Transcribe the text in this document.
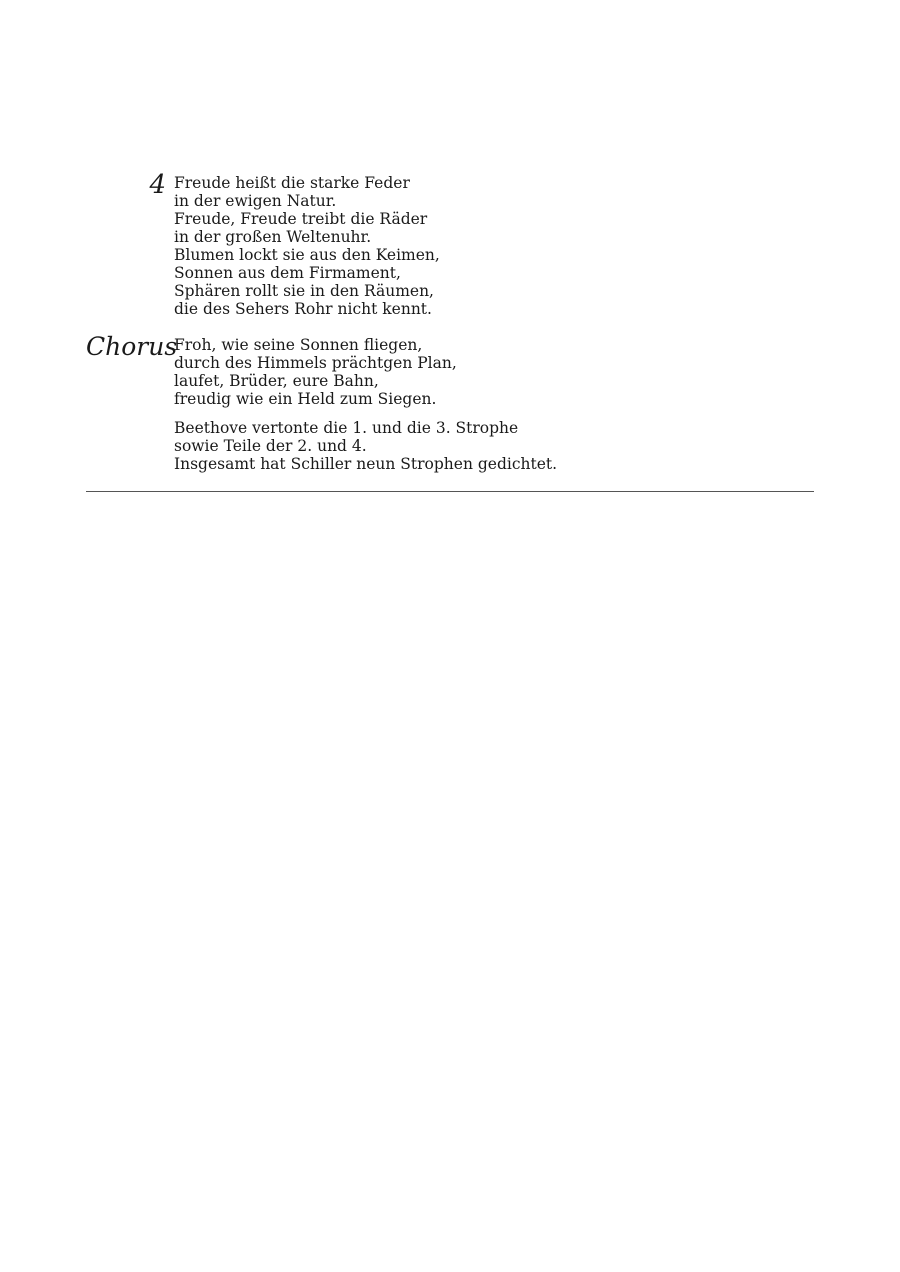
4 Freude heißt die starke Feder
in der ewigen Natur.
Freude, Freude treibt die Räder
in der großen Weltenuhr.
Blumen lockt sie aus den Keimen,
Sonnen aus dem Firmament,
Sphären rollt sie in den Räumen,
die des Sehers Rohr nicht kennt.
Chorus
Froh, wie seine Sonnen fliegen,
durch des Himmels prächtgen Plan,
laufet, Brüder, eure Bahn,
freudig wie ein Held zum Siegen.
Beethove vertonte die 1. und die 3. Strophe
sowie Teile der 2. und 4.
Insgesamt hat Schiller neun Strophen gedichtet.
